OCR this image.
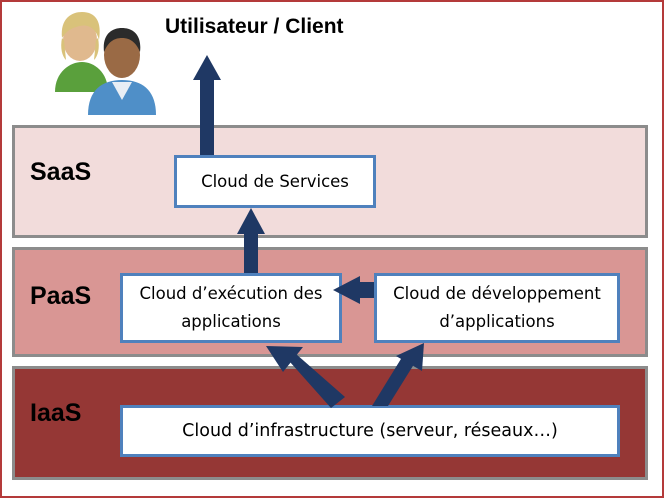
Utilisateur / Client
SaaS
PaaS
IaaS
Cloud de Services
Cloud d’exécution des applications
Cloud de développement d’applications
Cloud d’infrastructure (serveur, réseaux…)
